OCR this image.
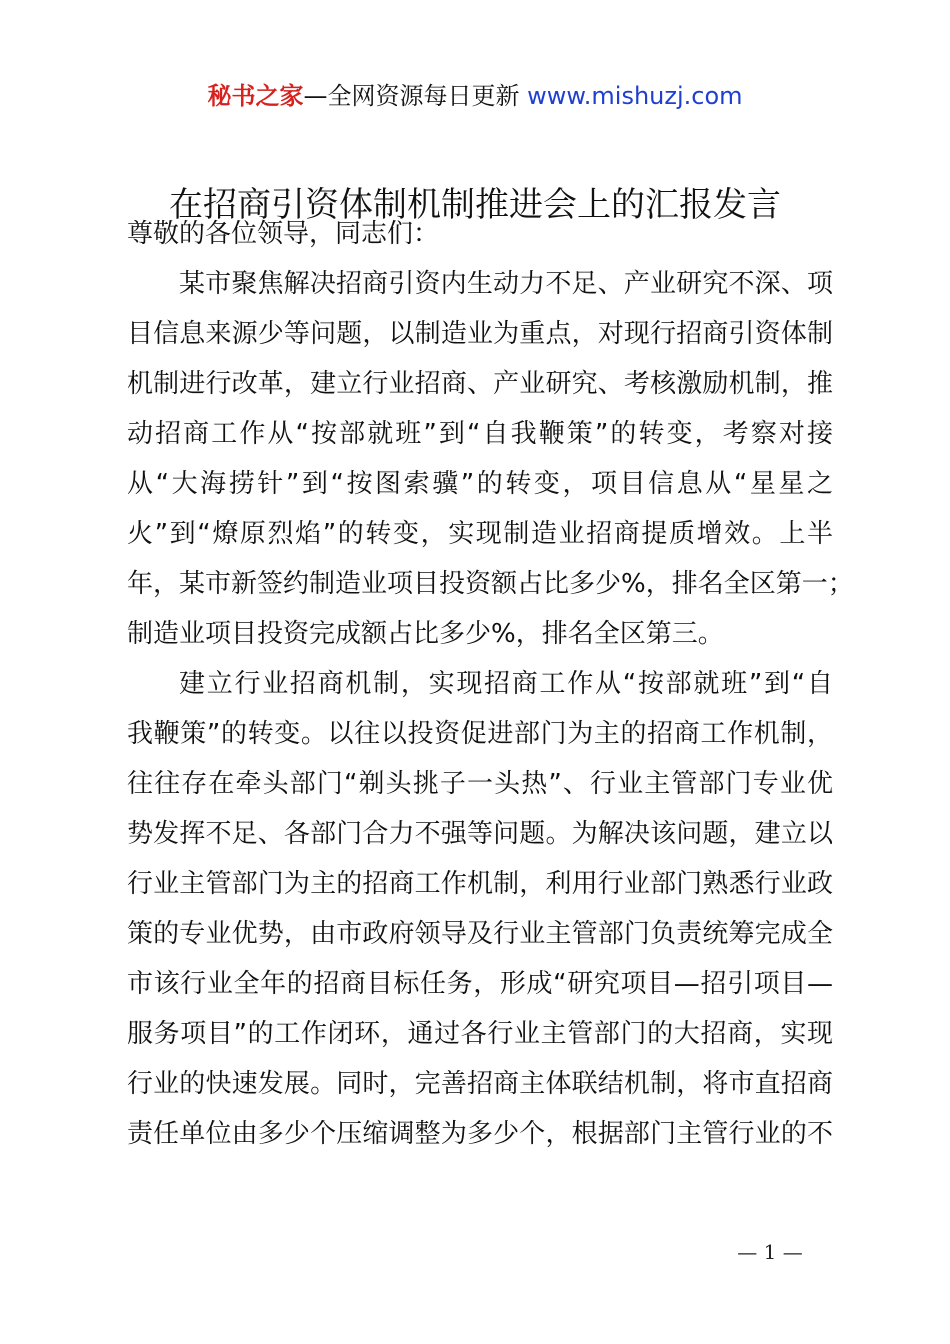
秘书之家—全网资源每日更新 www.mishuzj.com
在招商引资体制机制推进会上的汇报发言
尊敬的各位领导，同志们：
某市聚焦解决招商引资内生动力不足、产业研究不深、项
目信息来源少等问题，以制造业为重点，对现行招商引资体制
机制进行改革，建立行业招商、产业研究、考核激励机制，推
动招商工作从“按部就班”到“自我鞭策”的转变，考察对接
从“大海捞针”到“按图索骥”的转变，项目信息从“星星之
火”到“燎原烈焰”的转变，实现制造业招商提质增效。上半
年，某市新签约制造业项目投资额占比多少%，排名全区第一；
制造业项目投资完成额占比多少%，排名全区第三。
建立行业招商机制，实现招商工作从“按部就班”到“自
我鞭策”的转变。以往以投资促进部门为主的招商工作机制，
往往存在牵头部门“剃头挑子一头热”、行业主管部门专业优
势发挥不足、各部门合力不强等问题。为解决该问题，建立以
行业主管部门为主的招商工作机制，利用行业部门熟悉行业政
策的专业优势，由市政府领导及行业主管部门负责统筹完成全
市该行业全年的招商目标任务，形成“研究项目—招引项目—
服务项目”的工作闭环，通过各行业主管部门的大招商，实现
行业的快速发展。同时，完善招商主体联结机制，将市直招商
责任单位由多少个压缩调整为多少个，根据部门主管行业的不
— 1 —
